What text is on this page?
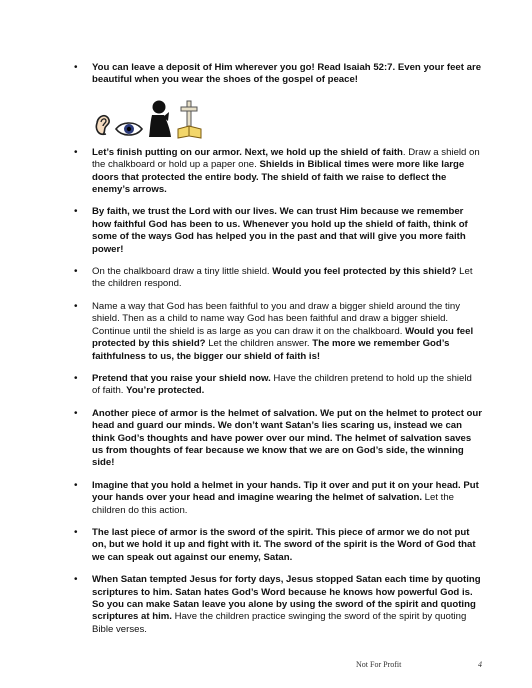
• You can leave a deposit of Him wherever you go! Read Isaiah 52:7. Even your feet are beautiful when you wear the shoes of the gospel of peace!
• Let’s finish putting on our armor. Next, we hold up the shield of faith. Draw a shield on the chalkboard or hold up a paper one. Shields in Biblical times were more like large doors that protected the entire body. The shield of faith we raise to deflect the enemy’s arrows.
• By faith, we trust the Lord with our lives. We can trust Him because we remember how faithful God has been to us. Whenever you hold up the shield of faith, think of some of the ways God has helped you in the past and that will give you more faith power!
• On the chalkboard draw a tiny little shield. Would you feel protected by this shield? Let the children respond.
• Name a way that God has been faithful to you and draw a bigger shield around the tiny shield. Then as a child to name way God has been faithful and draw a bigger shield. Continue until the shield is as large as you can draw it on the chalkboard. Would you feel protected by this shield? Let the children answer. The more we remember God’s faithfulness to us, the bigger our shield of faith is!
• Pretend that you raise your shield now. Have the children pretend to hold up the shield of faith. You’re protected.
• Another piece of armor is the helmet of salvation. We put on the helmet to protect our head and guard our minds. We don’t want Satan’s lies scaring us, instead we can think God’s thoughts and have power over our mind. The helmet of salvation saves us from thoughts of fear because we know that we are on God’s side, the winning side!
• Imagine that you hold a helmet in your hands. Tip it over and put it on your head. Put your hands over your head and imagine wearing the helmet of salvation. Let the children do this action.
• The last piece of armor is the sword of the spirit. This piece of armor we do not put on, but we hold it up and fight with it. The sword of the spirit is the Word of God that we can speak out against our enemy, Satan.
• When Satan tempted Jesus for forty days, Jesus stopped Satan each time by quoting scriptures to him. Satan hates God’s Word because he knows how powerful God is. So you can make Satan leave you alone by using the sword of the spirit and quoting scriptures at him. Have the children practice swinging the sword of the spirit by quoting Bible verses.
Not For Profit	4
